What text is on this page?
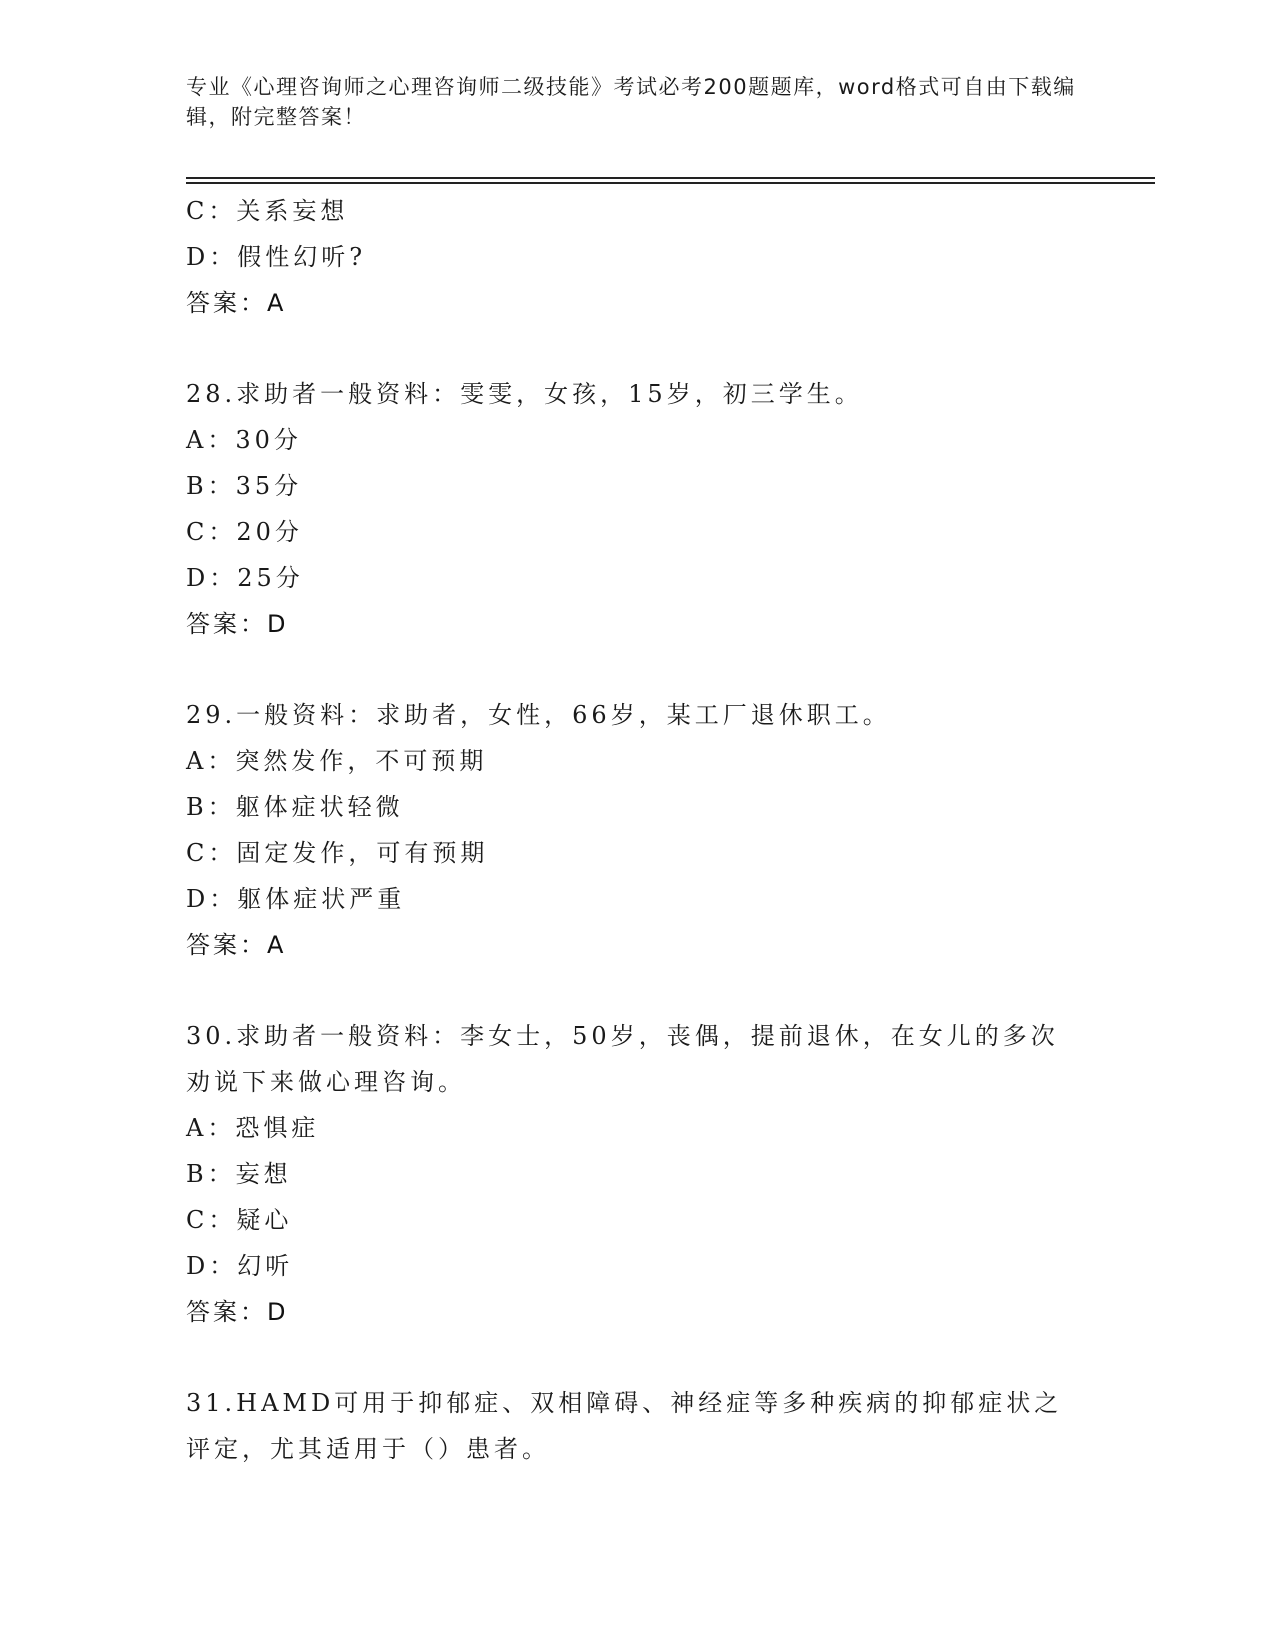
专业《心理咨询师之心理咨询师二级技能》考试必考200题题库，word格式可自由下载编辑，附完整答案！
C：关系妄想
D：假性幻听?
答案：A
28.求助者一般资料：雯雯，女孩，15岁，初三学生。
A：30分
B：35分
C：20分
D：25分
答案：D
29.一般资料：求助者，女性，66岁，某工厂退休职工。
A：突然发作，不可预期
B：躯体症状轻微
C：固定发作，可有预期
D：躯体症状严重
答案：A
30.求助者一般资料：李女士，50岁，丧偶，提前退休，在女儿的多次劝说下来做心理咨询。
A：恐惧症
B：妄想
C：疑心
D：幻听
答案：D
31.HAMD可用于抑郁症、双相障碍、神经症等多种疾病的抑郁症状之评定，尤其适用于（）患者。
